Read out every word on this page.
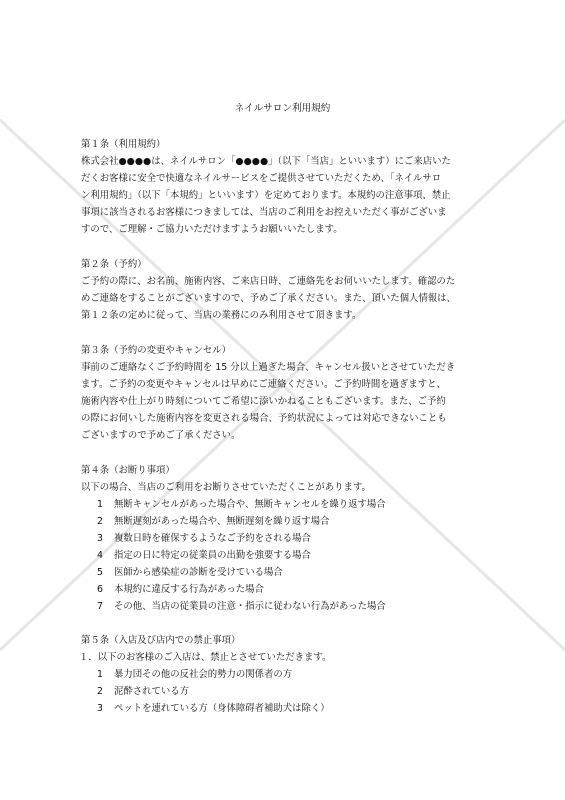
ネイルサロン利用規約
第１条（利用規約）
株式会社●●●●は、ネイルサロン「●●●●」（以下「当店」といいます）にご来店いた
だくお客様に安全で快適なネイルサービスをご提供させていただくため、「ネイルサロ
ン利用規約」（以下「本規約」といいます）を定めております。本規約の注意事項、禁止
事項に該当されるお客様につきましては、当店のご利用をお控えいただく事がございま
すので、ご理解・ご協力いただけますようお願いいたします。
第２条（予約）
ご予約の際に、お名前、施術内容、ご来店日時、ご連絡先をお伺いいたします。確認のた
めご連絡をすることがございますので、予めご了承ください。また、頂いた個人情報は、
第１２条の定めに従って、当店の業務にのみ利用させて頂きます。
第３条（予約の変更やキャンセル）
事前のご連絡なくご予約時間を 15 分以上過ぎた場合、キャンセル扱いとさせていただき
ます。ご予約の変更やキャンセルは早めにご連絡ください。ご予約時間を過ぎますと、
施術内容や仕上がり時刻についてご希望に添いかねることもございます。また、ご予約
の際にお伺いした施術内容を変更される場合、予約状況によっては対応できないことも
ございますので予めご了承ください。
第４条（お断り事項）
以下の場合、当店のご利用をお断りさせていただくことがあります。
1 無断キャンセルがあった場合や、無断キャンセルを繰り返す場合
2 無断遅刻があった場合や、無断遅刻を繰り返す場合
3 複数日時を確保するようなご予約をされる場合
4 指定の日に特定の従業員の出勤を強要する場合
5 医師から感染症の診断を受けている場合
6 本規約に違反する行為があった場合
7 その他、当店の従業員の注意・指示に従わない行為があった場合
第５条（入店及び店内での禁止事項）
１．以下のお客様のご入店は、禁止とさせていただきます。
1 暴力団その他の反社会的勢力の関係者の方
2 泥酔されている方
3 ペットを連れている方（身体障碍者補助犬は除く）
